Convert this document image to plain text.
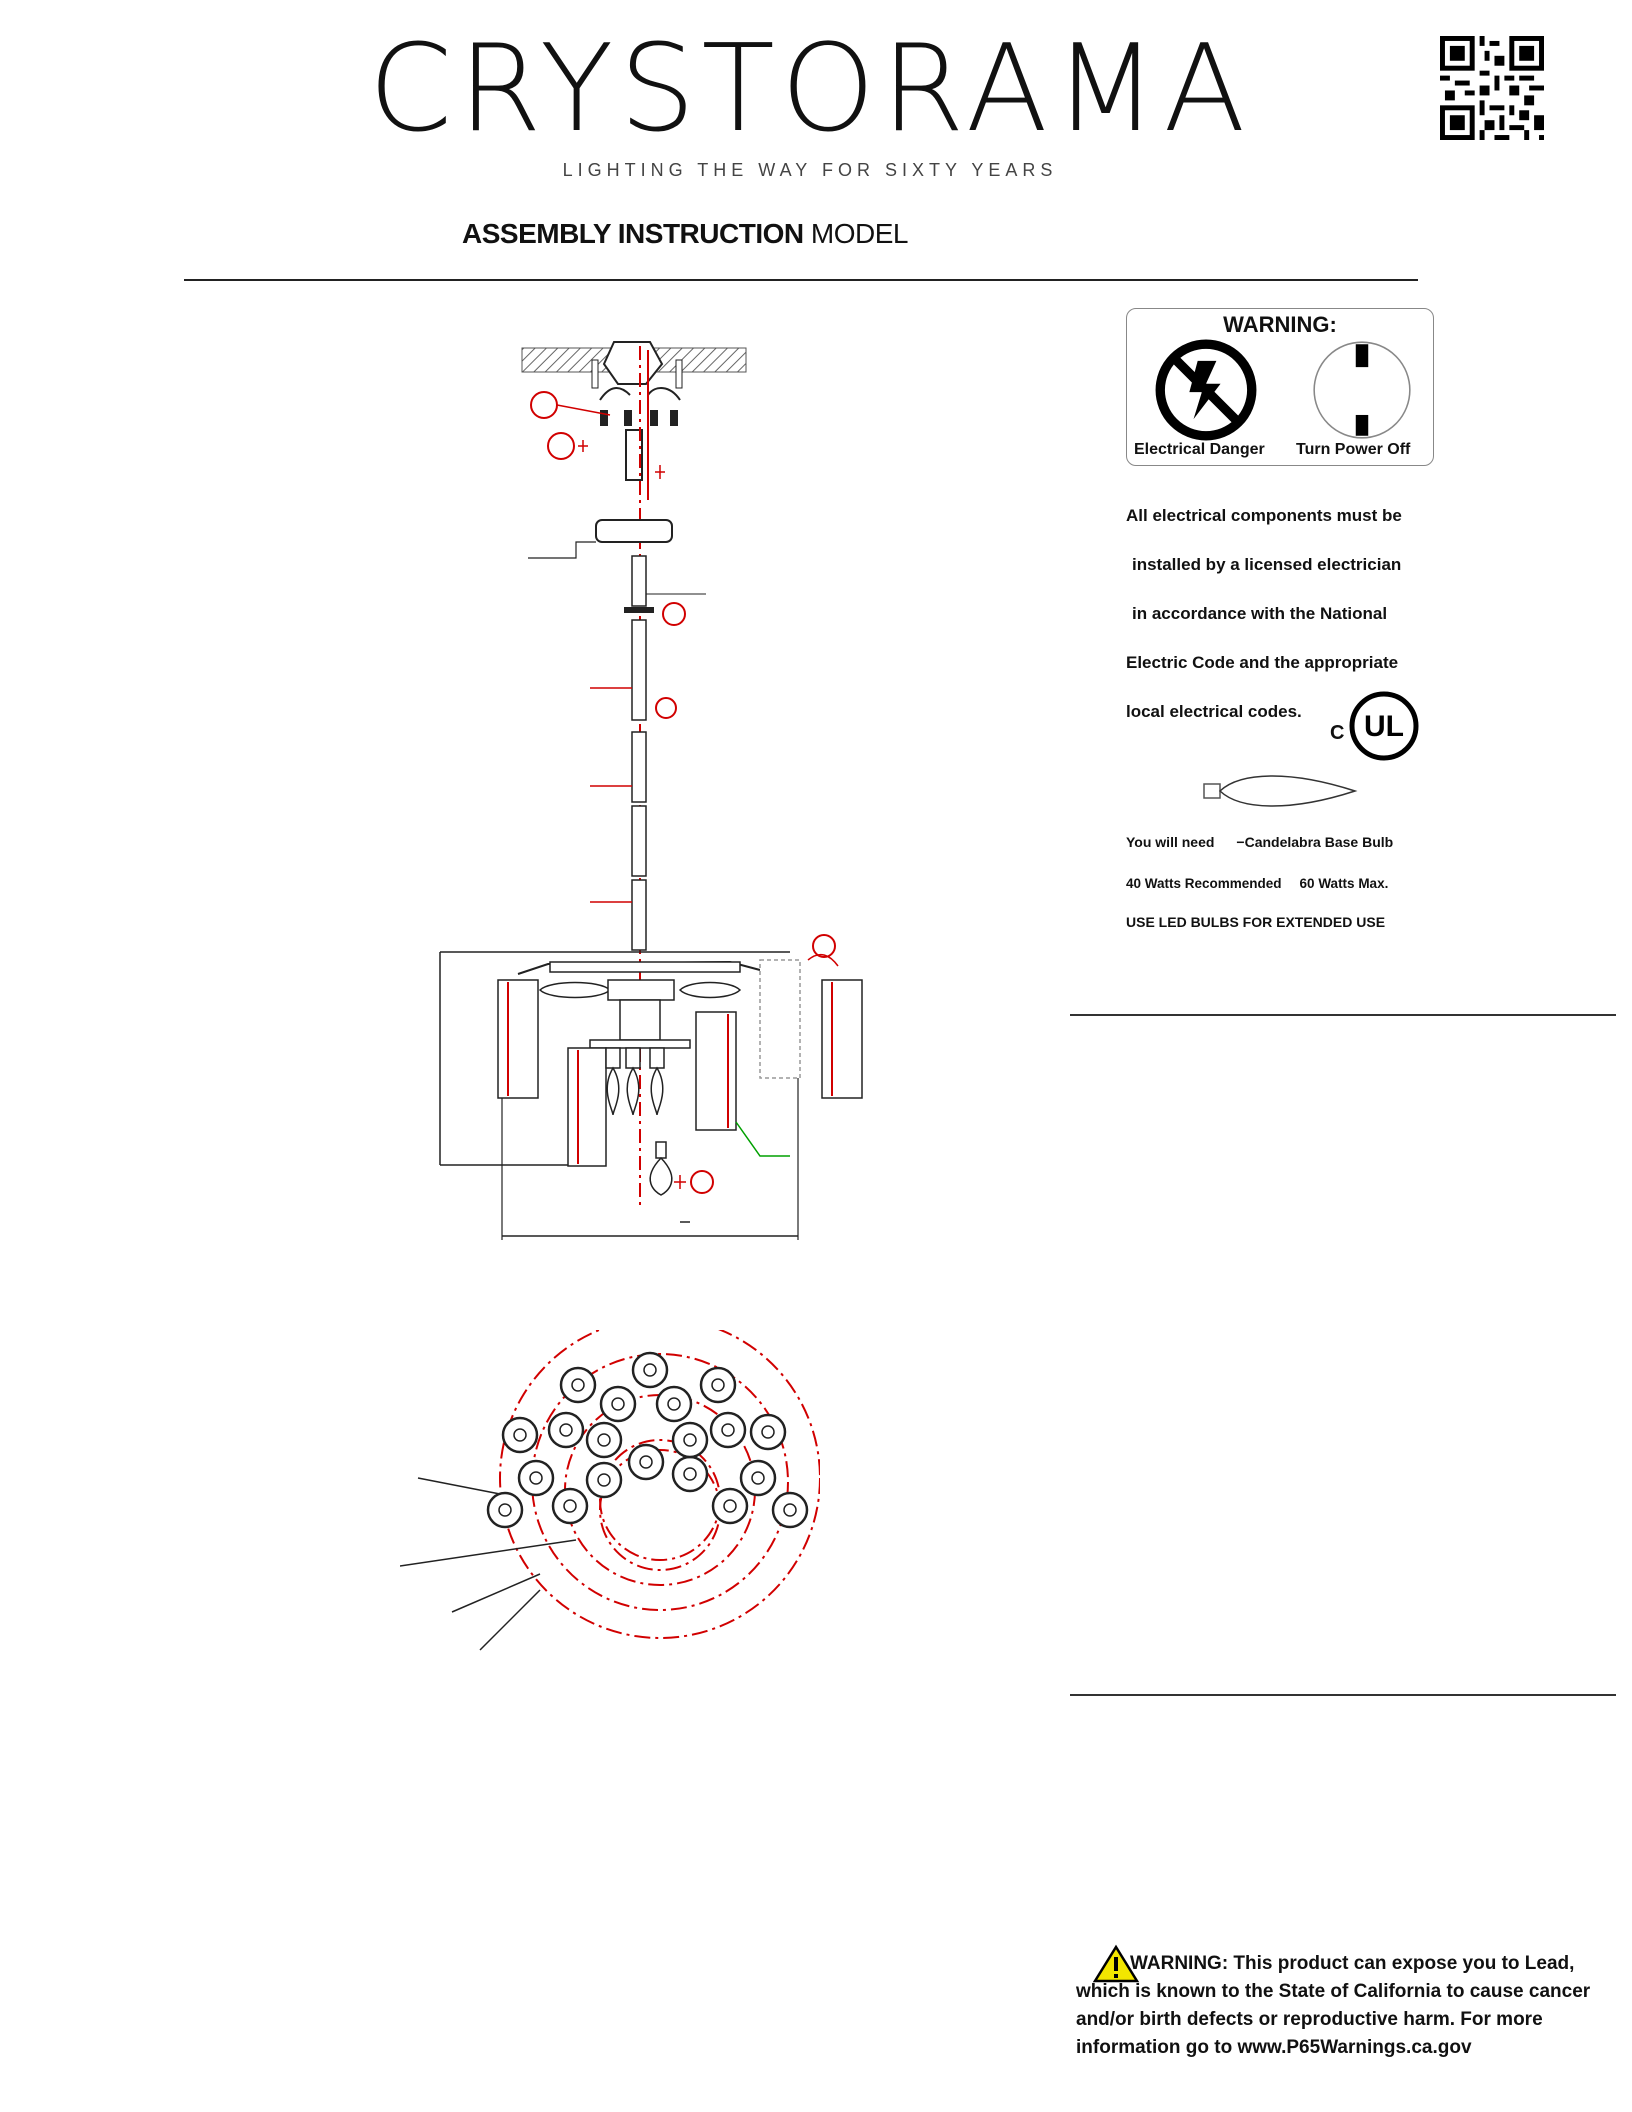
CRYSTORAMA
LIGHTING THE WAY FOR SIXTY YEARS
ASSEMBLY INSTRUCTION MODEL
WARNING:
Electrical Danger Turn Power Off
All electrical components must be
installed by a licensed electrician
in accordance with the National
Electric Code and the appropriate
local electrical codes.
C UL
You will need −Candelabra Base Bulb
40 Watts Recommended 60 Watts Max.
USE LED BULBS FOR EXTENDED USE
WARNING: This product can expose you to Lead,
which is known to the State of California to cause cancer
and/or birth defects or reproductive harm. For more
information go to www.P65Warnings.ca.gov
